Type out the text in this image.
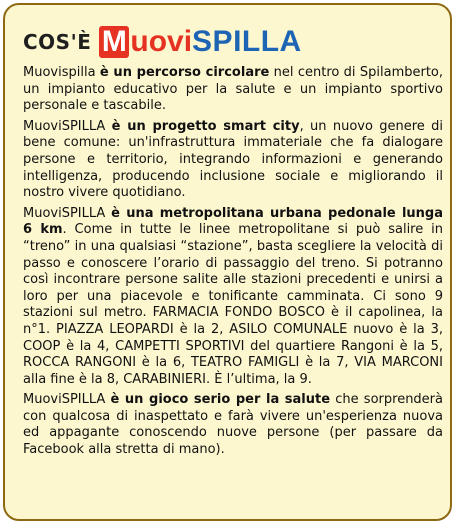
COS'È M uovi SPILLA

Muovispilla è un percorso circolare nel centro di Spilamberto, un impianto educativo per la salute e un impianto sportivo personale e tascabile.

MuoviSPILLA è un progetto smart city, un nuovo genere di bene comune: un'infrastruttura immateriale che fa dialogare persone e territorio, integrando informazioni e generando intelligenza, producendo inclusione sociale e migliorando il nostro vivere quotidiano.

MuoviSPILLA è una metropolitana urbana pedonale lunga 6 km. Come in tutte le linee metropolitane si può salire in “treno” in una qualsiasi “stazione”, basta scegliere la velocità di passo e conoscere l’orario di passaggio del treno. Si potranno così incontrare persone salite alle stazioni precedenti e unirsi a loro per una piacevole e tonificante camminata. Ci sono 9 stazioni sul metro. FARMACIA FONDO BOSCO è il capolinea, la n°1. PIAZZA LEOPARDI è la 2, ASILO COMUNALE nuovo è la 3, COOP è la 4, CAMPETTI SPORTIVI del quartiere Rangoni è la 5, ROCCA RANGONI è la 6, TEATRO FAMIGLI è la 7, VIA MARCONI alla fine è la 8, CARABINIERI. È l’ultima, la 9.

MuoviSPILLA è un gioco serio per la salute che sorprenderà con qualcosa di inaspettato e farà vivere un'esperienza nuova ed appagante conoscendo nuove persone (per passare da Facebook alla stretta di mano).
